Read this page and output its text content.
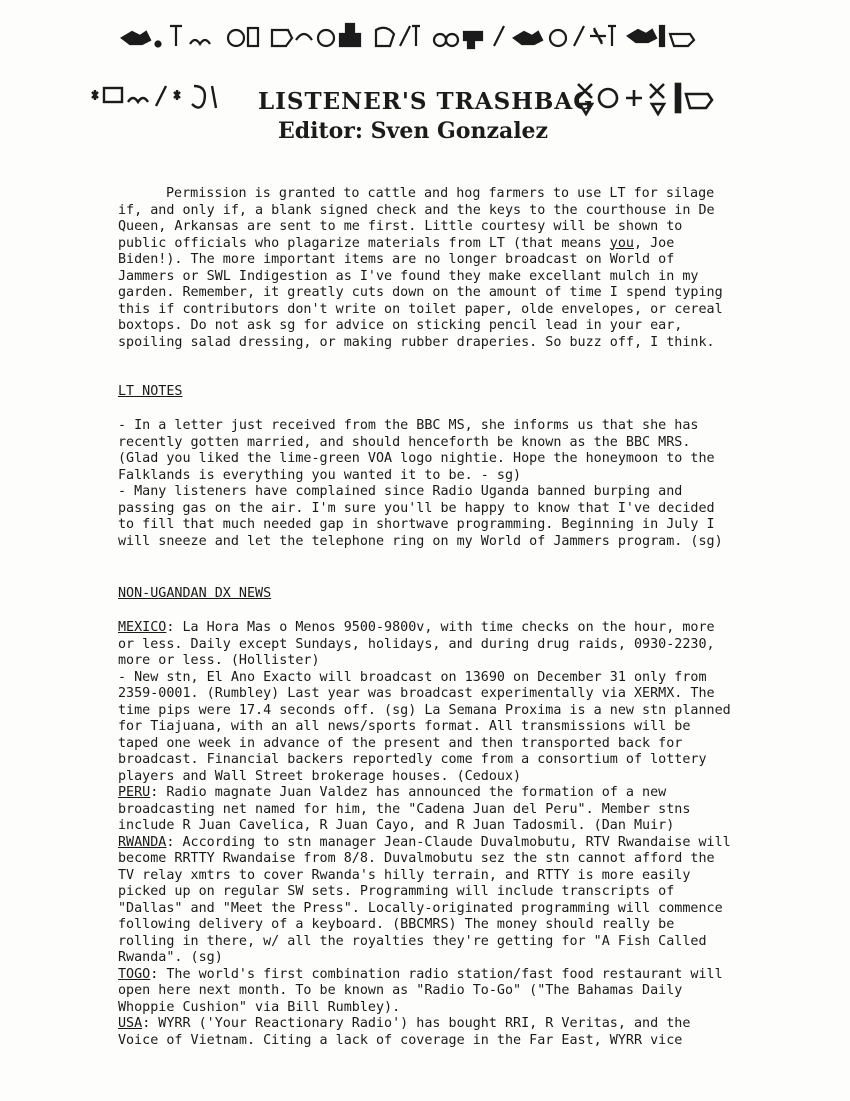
LISTENER'S TRASHBAG
Editor: Sven Gonzalez

Permission is granted to cattle and hog farmers to use LT for silage if, and only if, a blank signed check and the keys to the courthouse in De Queen, Arkansas are sent to me first. Little courtesy will be shown to public officials who plagarize materials from LT (that means you, Joe Biden!). The more important items are no longer broadcast on World of Jammers or SWL Indigestion as I've found they make excellant mulch in my garden. Remember, it greatly cuts down on the amount of time I spend typing this if contributors don't write on toilet paper, olde envelopes, or cereal boxtops. Do not ask sg for advice on sticking pencil lead in your ear, spoiling salad dressing, or making rubber draperies. So buzz off, I think.

LT NOTES

- In a letter just received from the BBC MS, she informs us that she has recently gotten married, and should henceforth be known as the BBC MRS. (Glad you liked the lime-green VOA logo nightie. Hope the honeymoon to the Falklands is everything you wanted it to be. - sg)

- Many listeners have complained since Radio Uganda banned burping and passing gas on the air. I'm sure you'll be happy to know that I've decided to fill that much needed gap in shortwave programming. Beginning in July I will sneeze and let the telephone ring on my World of Jammers program. (sg)

NON-UGANDAN DX NEWS

MEXICO: La Hora Mas o Menos 9500-9800v, with time checks on the hour, more or less. Daily except Sundays, holidays, and during drug raids, 0930-2230, more or less. (Hollister)

- New stn, El Ano Exacto will broadcast on 13690 on December 31 only from 2359-0001. (Rumbley) Last year was broadcast experimentally via XERMX. The time pips were 17.4 seconds off. (sg) La Semana Proxima is a new stn planned for Tiajuana, with an all news/sports format. All transmissions will be taped one week in advance of the present and then transported back for broadcast. Financial backers reportedly come from a consortium of lottery players and Wall Street brokerage houses. (Cedoux)

PERU: Radio magnate Juan Valdez has announced the formation of a new broadcasting net named for him, the "Cadena Juan del Peru". Member stns include R Juan Cavelica, R Juan Cayo, and R Juan Tadosmil. (Dan Muir)

RWANDA: According to stn manager Jean-Claude Duvalmobutu, RTV Rwandaise will become RRTTY Rwandaise from 8/8. Duvalmobutu sez the stn cannot afford the TV relay xmtrs to cover Rwanda's hilly terrain, and RTTY is more easily picked up on regular SW sets. Programming will include transcripts of "Dallas" and "Meet the Press". Locally-originated programming will commence following delivery of a keyboard. (BBCMRS) The money should really be rolling in there, w/ all the royalties they're getting for "A Fish Called Rwanda". (sg)

TOGO: The world's first combination radio station/fast food restaurant will open here next month. To be known as "Radio To-Go" ("The Bahamas Daily Whoppie Cushion" via Bill Rumbley).

USA: WYRR ('Your Reactionary Radio') has bought RRI, R Veritas, and the Voice of Vietnam. Citing a lack of coverage in the Far East, WYRR vice
